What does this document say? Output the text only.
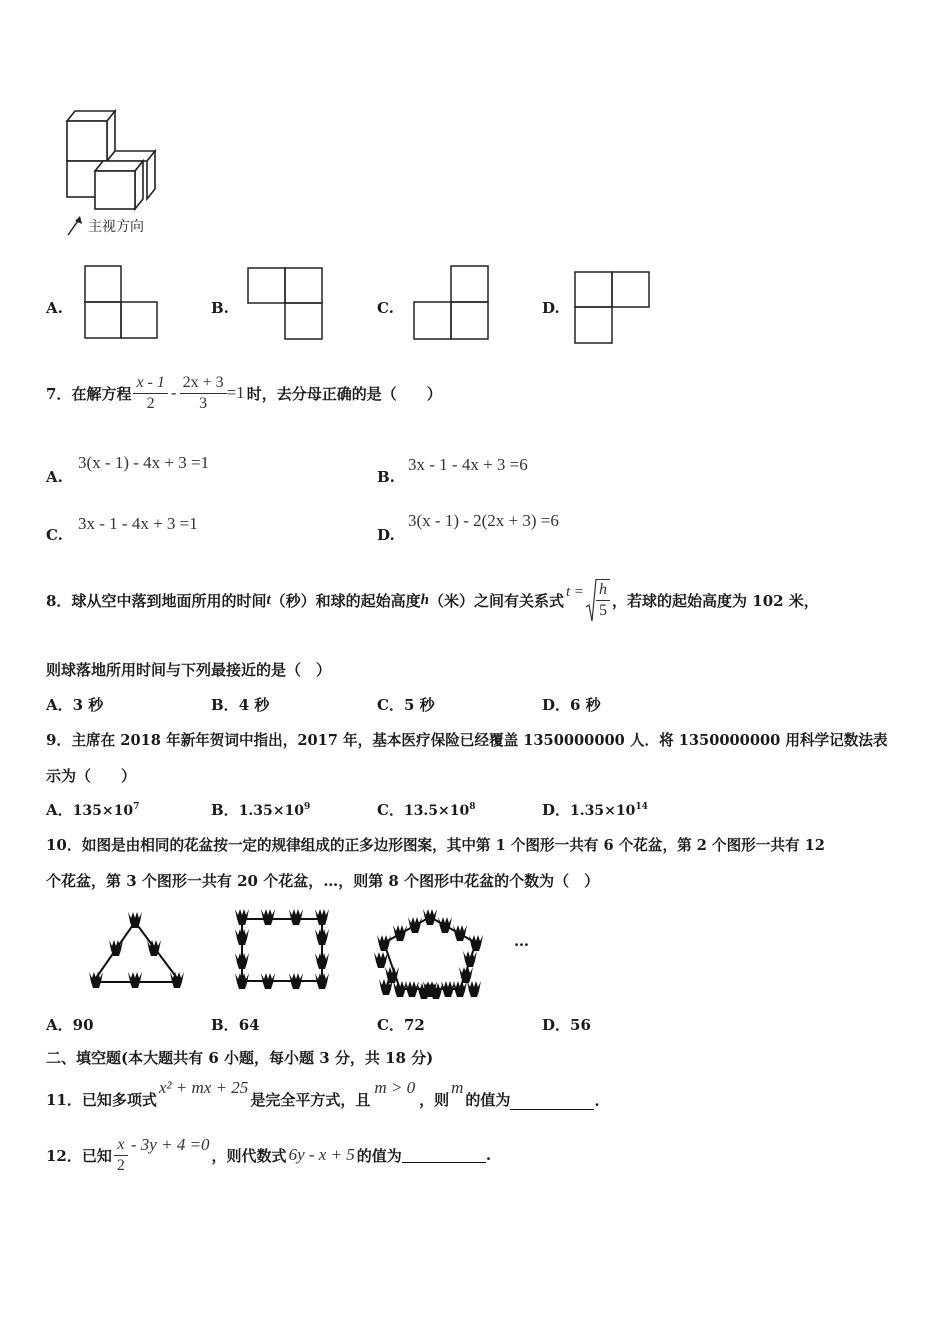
主视方向
A.	B.	C.	D.
7． 在解方程 $\frac{x - 1}{2} - \frac{2x + 3}{3} =1$ 时，去分母正确的是（　　）
A.
3(x - 1) - 4x + 3 =1
B.
3x - 1 - 4x + 3 =6
C.
3x - 1 - 4x + 3 =1
D.
3(x - 1) - 2(2x + 3) =6
8． 球从空中落到地面所用的时间 t （秒）和球的起始高度 h （米）之间有关系式 $t = \frac{h}{5}$ ，若球的起始高度为 102 米，
则球落地所用时间与下列最接近的是（　）
A．3 秒	B．4 秒	C．5 秒	D．6 秒
9．主席在 2018 年新年贺词中指出，2017 年，基本医疗保险已经覆盖 1350000000 人．将 1350000000 用科学记数法表
示为（　　）
A．$135\times 10^7$	B．$1.35\times 10^9$	C．$13.5\times 10^8$	D．$1.35\times 10^{14}$
10．如图是由相同的花盆按一定的规律组成的正多边形图案，其中第 1 个图形一共有 6 个花盆，第 2 个图形一共有 12
个花盆，第 3 个图形一共有 20 个花盆，…，则第 8 个图形中花盆的个数为（　）
…
A．90	B．64	C．72	D．56
二、填空题(本大题共有 6 小题，每小题 3 分，共 18 分)
11． 已知多项式
x² + mx + 25
是完全平方式，且
m > 0
，则
m
的值为	.
12． 已知 $\frac{x}{2} - 3y + 4 =0$
，则代数式 6y - x + 5 的值为	.
